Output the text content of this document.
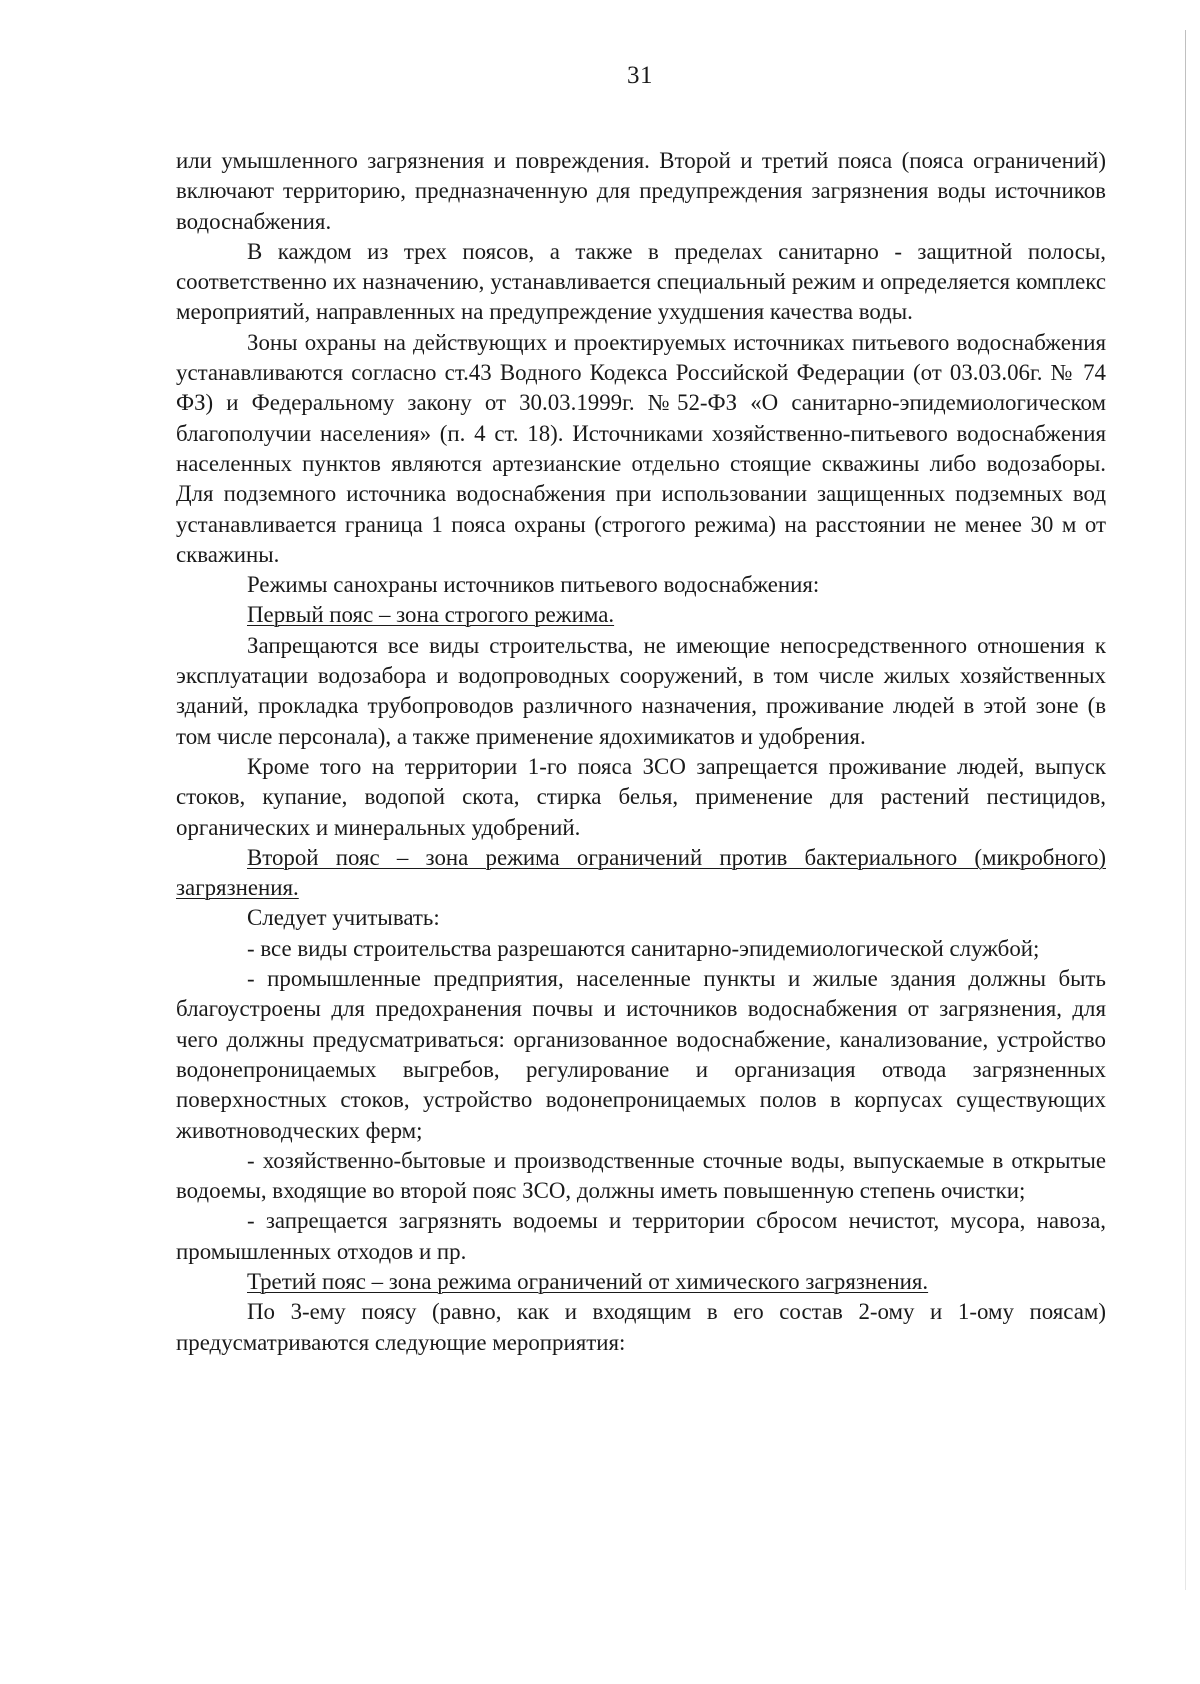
31

или умышленного загрязнения и повреждения. Второй и третий пояса (пояса ограничений) включают территорию, предназначенную для предупреждения загрязнения воды источников водоснабжения.

В каждом из трех поясов, а также в пределах санитарно - защитной полосы, соответственно их назначению, устанавливается специальный режим и определяется комплекс мероприятий, направленных на предупреждение ухудшения качества воды.

Зоны охраны на действующих и проектируемых источниках питьевого водоснабжения устанавливаются согласно ст.43 Водного Кодекса Российской Федерации (от 03.03.06г. № 74 ФЗ) и Федеральному закону от 30.03.1999г. №52-ФЗ «О санитарно-эпидемиологическом благополучии населения» (п. 4 ст. 18). Источниками хозяйственно-питьевого водоснабжения населенных пунктов являются артезианские отдельно стоящие скважины либо водозаборы. Для подземного источника водоснабжения при использовании защищенных подземных вод устанавливается граница 1 пояса охраны (строгого режима) на расстоянии не менее 30 м от скважины.

Режимы санохраны источников питьевого водоснабжения:

Первый пояс – зона строгого режима.

Запрещаются все виды строительства, не имеющие непосредственного отношения к эксплуатации водозабора и водопроводных сооружений, в том числе жилых хозяйственных зданий, прокладка трубопроводов различного назначения, проживание людей в этой зоне (в том числе персонала), а также применение ядохимикатов и удобрения.

Кроме того на территории 1-го пояса ЗСО запрещается проживание людей, выпуск стоков, купание, водопой скота, стирка белья, применение для растений пестицидов, органических и минеральных удобрений.

Второй пояс – зона режима ограничений против бактериального (микробного) загрязнения.

Следует учитывать:

- все виды строительства разрешаются санитарно-эпидемиологической службой;

- промышленные предприятия, населенные пункты и жилые здания должны быть благоустроены для предохранения почвы и источников водоснабжения от загрязнения, для чего должны предусматриваться: организованное водоснабжение, канализование, устройство водонепроницаемых выгребов, регулирование и организация отвода загрязненных поверхностных стоков, устройство водонепроницаемых полов в корпусах существующих животноводческих ферм;

- хозяйственно-бытовые и производственные сточные воды, выпускаемые в открытые водоемы, входящие во второй пояс ЗСО, должны иметь повышенную степень очистки;

- запрещается загрязнять водоемы и территории сбросом нечистот, мусора, навоза, промышленных отходов и пр.

Третий пояс – зона режима ограничений от химического загрязнения.

По 3-ему поясу (равно, как и входящим в его состав 2-ому и 1-ому поясам) предусматриваются следующие мероприятия:
